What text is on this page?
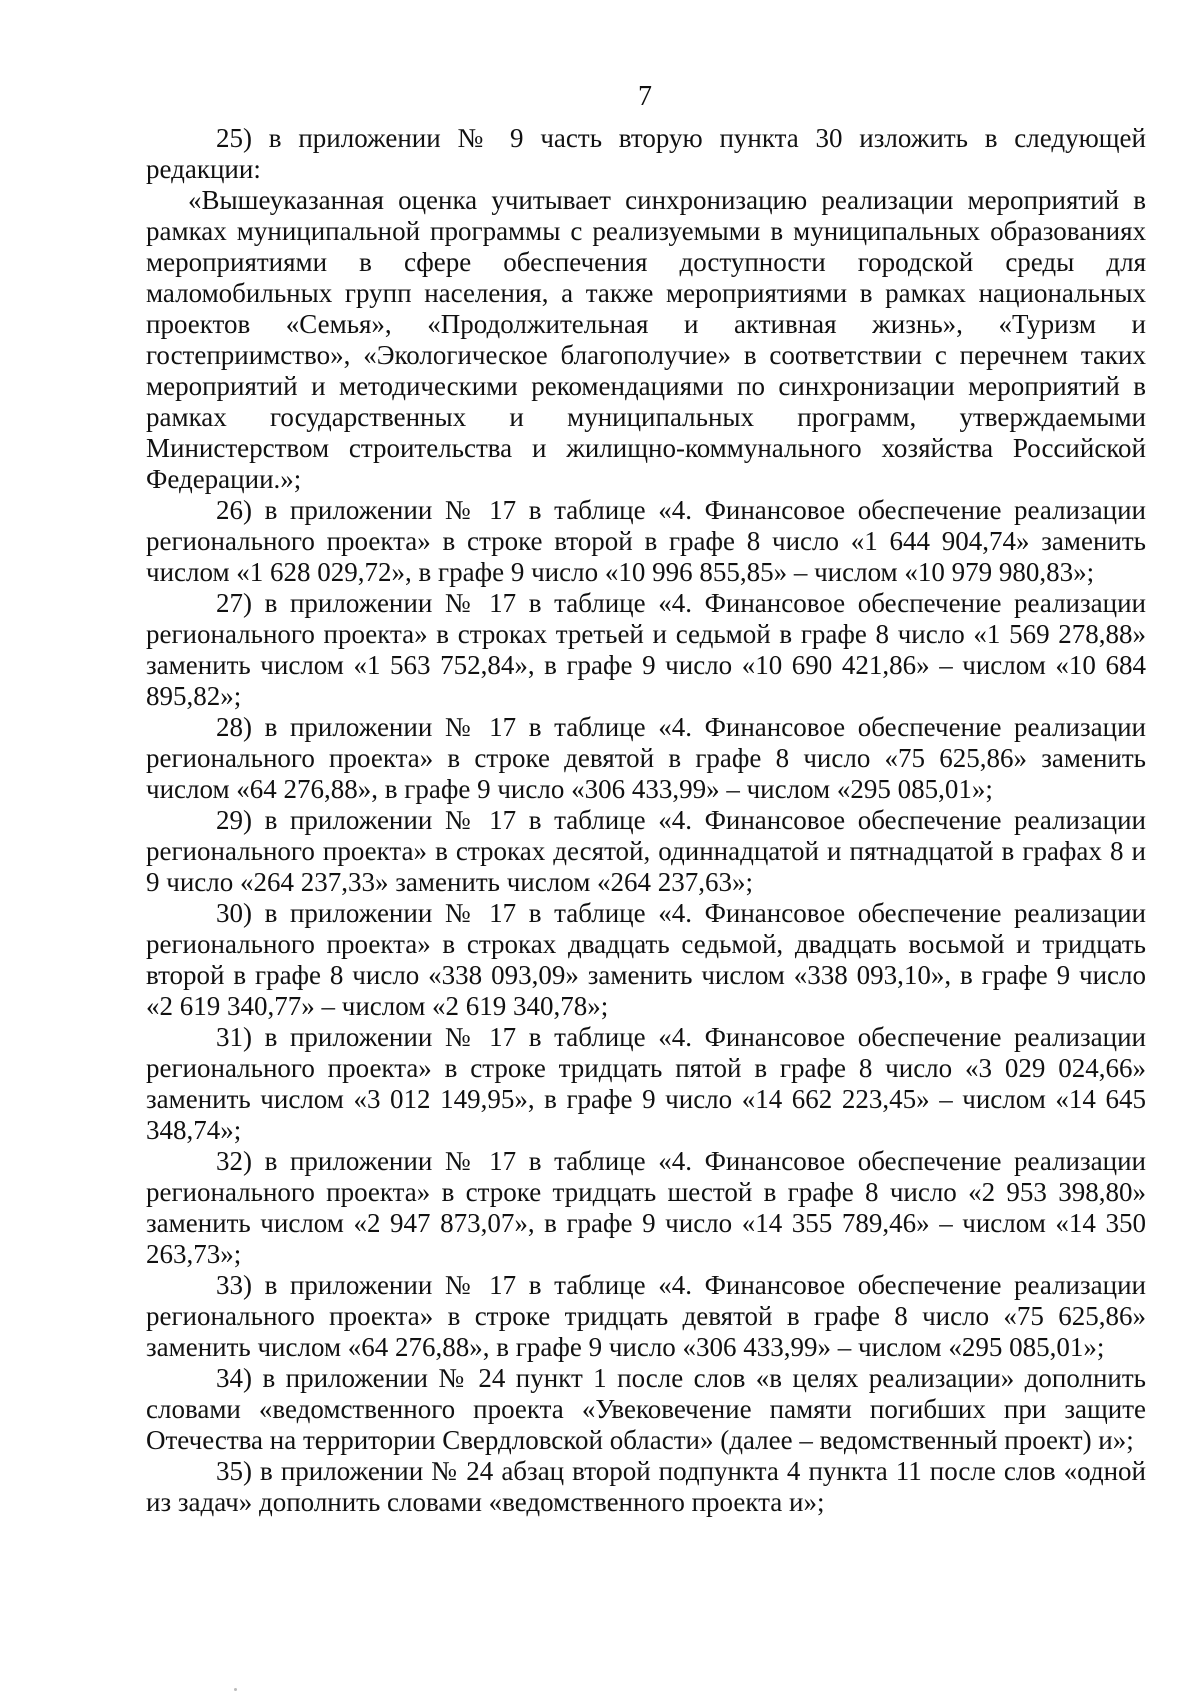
7

25) в приложении № 9 часть вторую пункта 30 изложить в следующей редакции:

«Вышеуказанная оценка учитывает синхронизацию реализации мероприятий в рамках муниципальной программы с реализуемыми в муниципальных образованиях мероприятиями в сфере обеспечения доступности городской среды для маломобильных групп населения, а также мероприятиями в рамках национальных проектов «Семья», «Продолжительная и активная жизнь», «Туризм и гостеприимство», «Экологическое благополучие» в соответствии с перечнем таких мероприятий и методическими рекомендациями по синхронизации мероприятий в рамках государственных и муниципальных программ, утверждаемыми Министерством строительства и жилищно-коммунального хозяйства Российской Федерации.»;

26) в приложении № 17 в таблице «4. Финансовое обеспечение реализации регионального проекта» в строке второй в графе 8 число «1 644 904,74» заменить числом «1 628 029,72», в графе 9 число «10 996 855,85» – числом «10 979 980,83»;

27) в приложении № 17 в таблице «4. Финансовое обеспечение реализации регионального проекта» в строках третьей и седьмой в графе 8 число «1 569 278,88» заменить числом «1 563 752,84», в графе 9 число «10 690 421,86» – числом «10 684 895,82»;

28) в приложении № 17 в таблице «4. Финансовое обеспечение реализации регионального проекта» в строке девятой в графе 8 число «75 625,86» заменить числом «64 276,88», в графе 9 число «306 433,99» – числом «295 085,01»;

29) в приложении № 17 в таблице «4. Финансовое обеспечение реализации регионального проекта» в строках десятой, одиннадцатой и пятнадцатой в графах 8 и 9 число «264 237,33» заменить числом «264 237,63»;

30) в приложении № 17 в таблице «4. Финансовое обеспечение реализации регионального проекта» в строках двадцать седьмой, двадцать восьмой и тридцать второй в графе 8 число «338 093,09» заменить числом «338 093,10», в графе 9 число «2 619 340,77» – числом «2 619 340,78»;

31) в приложении № 17 в таблице «4. Финансовое обеспечение реализации регионального проекта» в строке тридцать пятой в графе 8 число «3 029 024,66» заменить числом «3 012 149,95», в графе 9 число «14 662 223,45» – числом «14 645 348,74»;

32) в приложении № 17 в таблице «4. Финансовое обеспечение реализации регионального проекта» в строке тридцать шестой в графе 8 число «2 953 398,80» заменить числом «2 947 873,07», в графе 9 число «14 355 789,46» – числом «14 350 263,73»;

33) в приложении № 17 в таблице «4. Финансовое обеспечение реализации регионального проекта» в строке тридцать девятой в графе 8 число «75 625,86» заменить числом «64 276,88», в графе 9 число «306 433,99» – числом «295 085,01»;

34) в приложении № 24 пункт 1 после слов «в целях реализации» дополнить словами «ведомственного проекта «Увековечение памяти погибших при защите Отечества на территории Свердловской области» (далее – ведомственный проект) и»;

35) в приложении № 24 абзац второй подпункта 4 пункта 11 после слов «одной из задач» дополнить словами «ведомственного проекта и»;
